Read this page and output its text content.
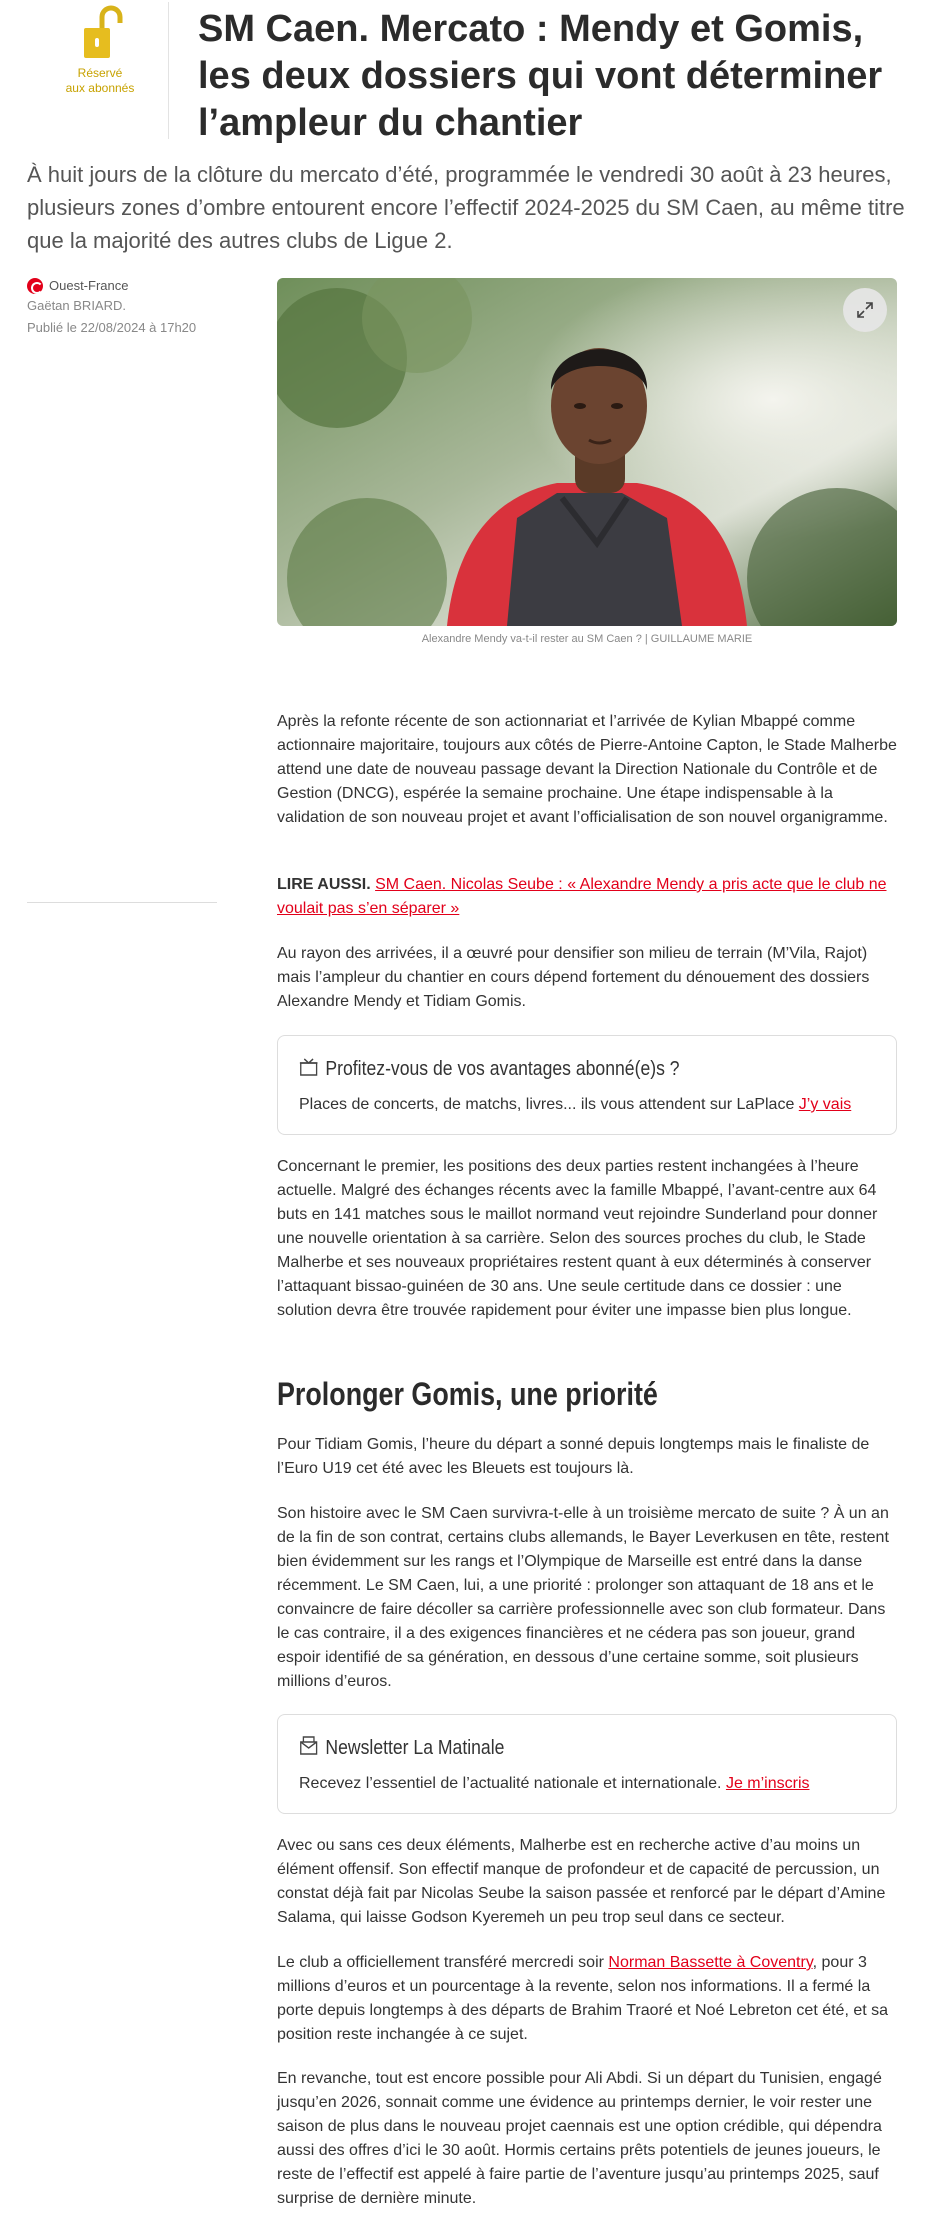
Réservé
aux abonnés
SM Caen. Mercato : Mendy et Gomis, les deux dossiers qui vont déterminer l’ampleur du chantier

À huit jours de la clôture du mercato d’été, programmée le vendredi 30 août à 23 heures, plusieurs zones d’ombre entourent encore l’effectif 2024-2025 du SM Caen, au même titre que la majorité des autres clubs de Ligue 2.

Ouest-France
Gaëtan BRIARD.
Publié le 22/08/2024 à 17h20
Alexandre Mendy va-t-il rester au SM Caen ? | GUILLAUME MARIE

Après la refonte récente de son actionnariat et l’arrivée de Kylian Mbappé comme actionnaire majoritaire, toujours aux côtés de Pierre-Antoine Capton, le Stade Malherbe attend une date de nouveau passage devant la Direction Nationale du Contrôle et de Gestion (DNCG), espérée la semaine prochaine. Une étape indispensable à la validation de son nouveau projet et avant l’officialisation de son nouvel organigramme.

LIRE AUSSI. SM Caen. Nicolas Seube : « Alexandre Mendy a pris acte que le club ne voulait pas s’en séparer »

Au rayon des arrivées, il a œuvré pour densifier son milieu de terrain (M’Vila, Rajot) mais l’ampleur du chantier en cours dépend fortement du dénouement des dossiers Alexandre Mendy et Tidiam Gomis.

Profitez-vous de vos avantages abonné(e)s ?
Places de concerts, de matchs, livres... ils vous attendent sur LaPlace J’y vais

Concernant le premier, les positions des deux parties restent inchangées à l’heure actuelle. Malgré des échanges récents avec la famille Mbappé, l’avant-centre aux 64 buts en 141 matches sous le maillot normand veut rejoindre Sunderland pour donner une nouvelle orientation à sa carrière. Selon des sources proches du club, le Stade Malherbe et ses nouveaux propriétaires restent quant à eux déterminés à conserver l’attaquant bissao-guinéen de 30 ans. Une seule certitude dans ce dossier : une solution devra être trouvée rapidement pour éviter une impasse bien plus longue.

Prolonger Gomis, une priorité

Pour Tidiam Gomis, l’heure du départ a sonné depuis longtemps mais le finaliste de l’Euro U19 cet été avec les Bleuets est toujours là.

Son histoire avec le SM Caen survivra-t-elle à un troisième mercato de suite ? À un an de la fin de son contrat, certains clubs allemands, le Bayer Leverkusen en tête, restent bien évidemment sur les rangs et l’Olympique de Marseille est entré dans la danse récemment. Le SM Caen, lui, a une priorité : prolonger son attaquant de 18 ans et le convaincre de faire décoller sa carrière professionnelle avec son club formateur. Dans le cas contraire, il a des exigences financières et ne cédera pas son joueur, grand espoir identifié de sa génération, en dessous d’une certaine somme, soit plusieurs millions d’euros.

Newsletter La Matinale
Recevez l’essentiel de l’actualité nationale et internationale. Je m’inscris

Avec ou sans ces deux éléments, Malherbe est en recherche active d’au moins un élément offensif. Son effectif manque de profondeur et de capacité de percussion, un constat déjà fait par Nicolas Seube la saison passée et renforcé par le départ d’Amine Salama, qui laisse Godson Kyeremeh un peu trop seul dans ce secteur.

Le club a officiellement transféré mercredi soir Norman Bassette à Coventry, pour 3 millions d’euros et un pourcentage à la revente, selon nos informations. Il a fermé la porte depuis longtemps à des départs de Brahim Traoré et Noé Lebreton cet été, et sa position reste inchangée à ce sujet.

En revanche, tout est encore possible pour Ali Abdi. Si un départ du Tunisien, engagé jusqu’en 2026, sonnait comme une évidence au printemps dernier, le voir rester une saison de plus dans le nouveau projet caennais est une option crédible, qui dépendra aussi des offres d’ici le 30 août. Hormis certains prêts potentiels de jeunes joueurs, le reste de l’effectif est appelé à faire partie de l’aventure jusqu’au printemps 2025, sauf surprise de dernière minute.
